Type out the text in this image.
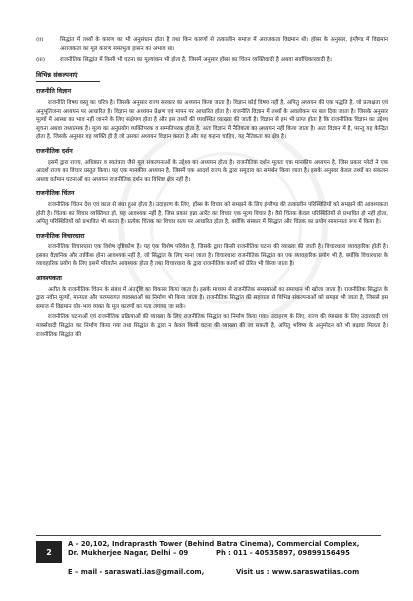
(ii)	सिद्धांत में तथ्यों के कारण का भी अनुसंधान होता है तथा किन कारणों से तत्कालीन समाज में अराजकता विद्यमान थी। हॉब्स के अनुसार, इंग्लैण्ड में विद्यमान अराजकता का मूल कारण सम्प्रभुता हासन का अभाव था।
(iii)	राजनीतिक सिद्धांत में किसी भी घटना का मूल्यांकन भी होता है, जिसमें अनुसार हॉब्स का चिंतन व्यक्तिवादी है अथवा सर्वाधिकारवादी है।
विभिन्न संकल्पनाएं
राजनीति विज्ञान

राजनीति विषय वस्तु का चरित्र है। जिसके अनुसार राज्य सरकार का अध्ययन किया जाता है। विज्ञान कोई विषय नहीं है, अपितु अध्ययन की एक पद्धति है, जो प्रत्यक्षता एवं अनुभूतिजन्य अध्ययन पर आधारित है। विज्ञान का अध्ययन प्रेक्षण एवं मापन पर आधारित होता है। राजनीति विज्ञान में तथ्यों के अवलोकन पर बल दिया जाता है। जिसके अनुसार मूल्यों में आस्था का भाव नहीं जानने के लिए संक्षेपण होता है और इस तथ्यों की व्यवस्थित व्याख्या की जाती है। विज्ञान से हम भी प्राप्त होता है कि राजनीतिक विज्ञान का उद्देश्य सूचना अथवा तथ्यात्मक है। मूल्य का अनुप्रयोग व्यक्तिपरक व सम्मतिपरक होता है, अतः विज्ञान में नैतिकता का अध्ययन नहीं किया जाता है। अतः विज्ञान में है, परन्तु यह केन्द्रित होता है, जिसके अनुसार वह व्यक्ति ही है जो उसका अध्ययन विज्ञान करता है और यह कहना चाहिए, यह नैतिकता का क्षेत्र है।

राजनीतिक दर्शन

इसमें द्वारा राज्य, अधिकार व स्वतंत्रता जैसे मूल संकल्पनाओं के उद्देश्य का अध्ययन होता है। राजनीतिक दर्शन मूलतः एक मानकीय अध्ययन है, जिस प्रकार प्लेटो ने एक आदर्श राज्य का विचार प्रस्तुत किया। यह एक मानकीय अध्ययन है, जिसमें एक आदर्श राज्य के द्वारा समुदाय का समर्थन किया जाता है। इसके अनुसार केवल तथ्यों का संकलन अथवा वर्तमान घटनाओं का अध्ययन राजनीतिक दर्शन का विशिष्ट क्षेत्र नहीं है।

राजनीतिक चिंतन

राजनीतिक चिंतन देश एवं काल से बंधा हुआ होता है। उदाहरण के लिए, हॉब्स के विचार को समझने के लिए इंग्लैण्ड की तत्कालीन परिस्थितियों को समझने की आवश्यकता होती है। चिंतक का विचार व्यक्तिगत हो, यह आवश्यक नहीं है, जिस प्रकार हन्ना आरेंट का विचार एक मूल्य विचार है। वैसे चिंतक केवल परिस्थितियों से प्रभावित हो नहीं होता, अपितु परिस्थितियों को प्रभावित भी करता है। प्रत्येक चिंतक का विचार सत्य पर आधारित होता है, क्योंकि संस्कार में सिद्धांत और चिंतक का प्रयोग सामान्यतः रूप में किया है।

राजनीतिक विचारधारा

राजनीतिक विचारधारा एक विशेष दृष्टिकोण है। यह एक विशेष परिवेश है, जिसके द्वारा किसी राजनीतिक घटना की व्याख्या की जाती है। विचारधारा व्यावहारिक होती है। इसका वैज्ञानिक और तार्किक होना आवश्यक नहीं है, जो सिद्धांत के लिए माना जाता है। विचारधारा राजनीतिक सिद्धांत का एक व्यावहारिक प्रयोग भी है, क्योंकि विचारधारा के व्यावहारिक प्रयोग के लिए इसमें परिवर्तन आवश्यक होता है तथा विचारधारा के द्वारा राजनीतिक कार्यों को प्रेरित भी किया जाता है।

आवश्यकता

अतीत के राजनीतिक चिंतन के संबंध में अंतर्दृष्टि का विकास किया जाता है। इसके माध्यम से राजनीतिक समस्याओं का समाधान भी खोजा जाता है। राजनीतिक सिद्धांत के द्वारा नवीन मूल्यों, मान्यता और परम्परागत व्यवस्थाओं का निर्माण भी किया जाता है। राजनीतिक सिद्धांत की सहायता से विभिन्न संकल्पनाओं को समझा भी जाता है, जिससे इस समाज में विद्यमान घोर-भाव व्यक्त के मूल कारणों का पता लगाया जा सके।

राजनीतिक घटनाओं एवं राजनीतिक प्रक्रियाओं की व्याख्या के लिए राजनीतिक सिद्धांत का निर्माण किया गया। उदाहरण के लिए, राज्य की व्याख्या के लिए उदारवादी एवं मार्क्सवादी सिद्धांत का निर्माण किया गया तथा सिद्धांत के द्वारा न केवल किसी घटना की व्याख्या की जा सकती है, अपितु भविष्य के अनुमोदन को भी बढ़ावा मिलता है। राजनीतिक सिद्धांत की

2
A - 20,102, Indraprasth Tower (Behind Batra Cinema), Commercial Complex,
Dr. Mukherjee Nagar, Delhi – 09	Ph : 011 - 40535897, 09899156495
E – mail - saraswati.ias@gmail.com,	Visit us : www.saraswatiias.com
